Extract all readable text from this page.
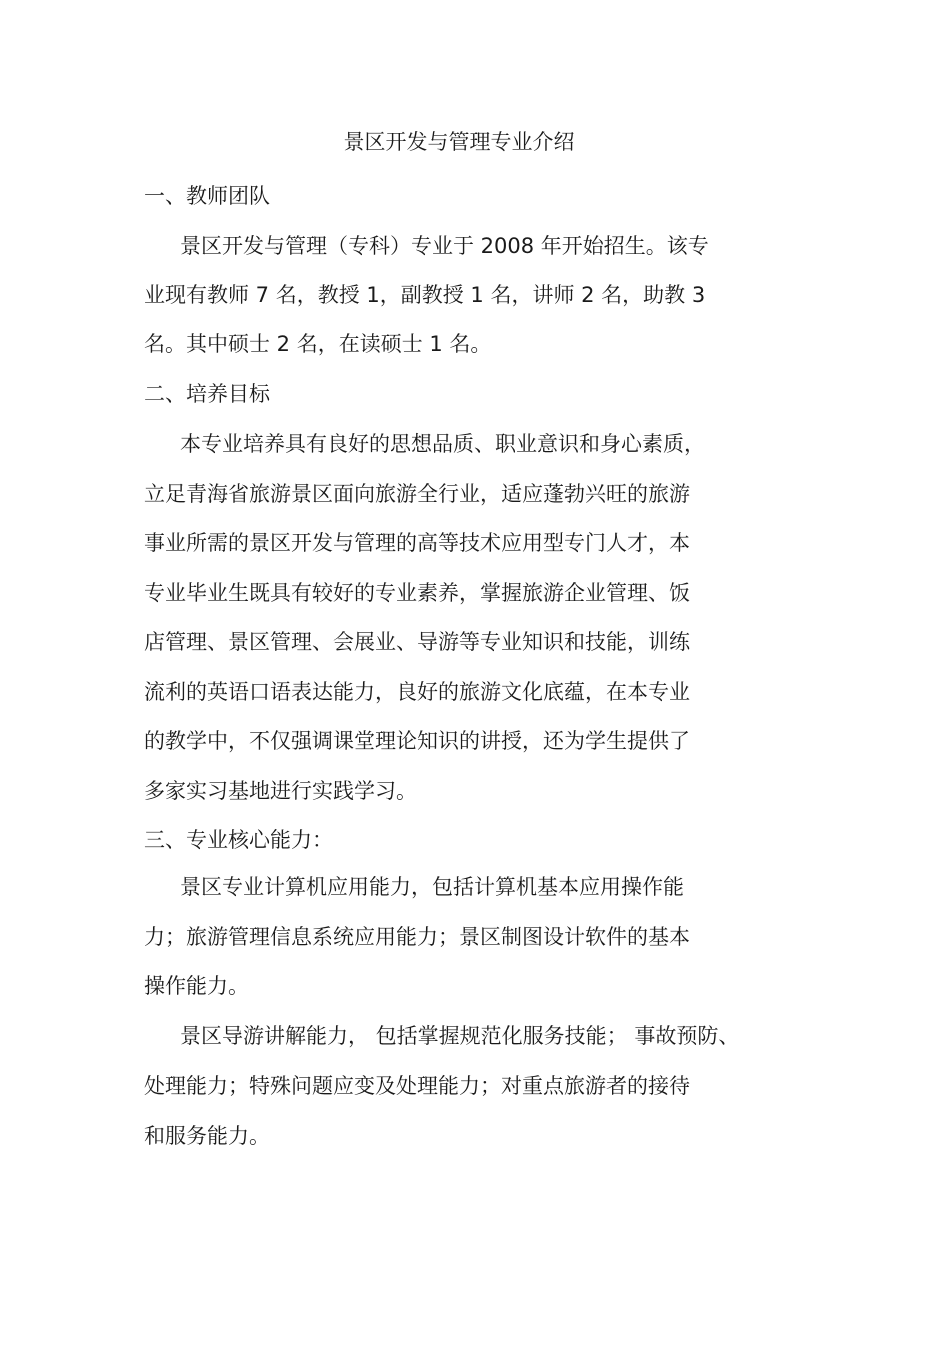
景区开发与管理专业介绍
一、教师团队
景区开发与管理（专科）专业于 2008 年开始招生。该专
业现有教师 7 名，教授 1，副教授 1 名，讲师 2 名，助教 3
名。其中硕士 2 名，在读硕士 1 名。
二、培养目标
本专业培养具有良好的思想品质、职业意识和身心素质，
立足青海省旅游景区面向旅游全行业，适应蓬勃兴旺的旅游
事业所需的景区开发与管理的高等技术应用型专门人才，本
专业毕业生既具有较好的专业素养，掌握旅游企业管理、饭
店管理、景区管理、会展业、导游等专业知识和技能，训练
流利的英语口语表达能力，良好的旅游文化底蕴，在本专业
的教学中，不仅强调课堂理论知识的讲授，还为学生提供了
多家实习基地进行实践学习。
三、专业核心能力：
景区专业计算机应用能力，包括计算机基本应用操作能
力；旅游管理信息系统应用能力；景区制图设计软件的基本
操作能力。
景区导游讲解能力， 包括掌握规范化服务技能； 事故预防、
处理能力；特殊问题应变及处理能力；对重点旅游者的接待
和服务能力。
